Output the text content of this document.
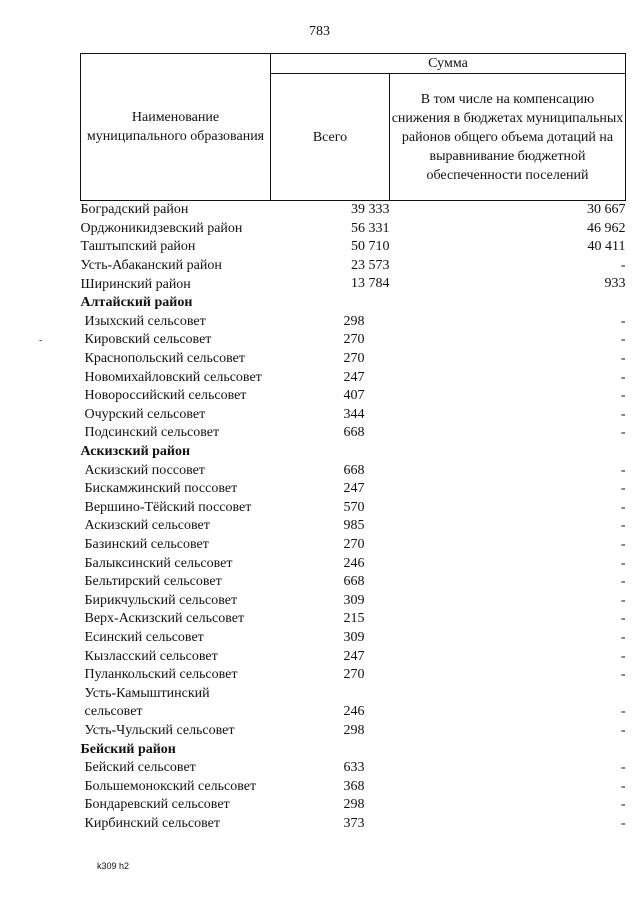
783
Наименование муниципального образования	Сумма	
	Всего	В том числе на компенсацию снижения в бюджетах муниципальных районов общего объема дотаций на выравнивание бюджетной обеспеченности поселений
Боградский район	39 333	30 667
Орджоникидзевский район	56 331	46 962
Таштыпский район	50 710	40 411
Усть-Абаканский район	23 573	-
Ширинский район	13 784	933
Алтайский район		
Изыхский сельсовет	298	-
Кировский сельсовет	270	-
Краснопольский сельсовет	270	-
Новомихайловский сельсовет	247	-
Новороссийский сельсовет	407	-
Очурский сельсовет	344	-
Подсинский сельсовет	668	-
Аскизский район		
Аскизский поссовет	668	-
Бискамжинский поссовет	247	-
Вершино-Тёйский поссовет	570	-
Аскизский сельсовет	985	-
Базинский сельсовет	270	-
Балыксинский сельсовет	246	-
Бельтирский сельсовет	668	-
Бирикчульский сельсовет	309	-
Верх-Аскизский сельсовет	215	-
Есинский сельсовет	309	-
Кызласский сельсовет	247	-
Пуланкольский сельсовет	270	-
Усть-Камыштинский		
сельсовет	246	-
Усть-Чульский сельсовет	298	-
Бейский район		
Бейский сельсовет	633	-
Большемонокский сельсовет	368	-
Бондаревский сельсовет	298	-
Кирбинский сельсовет	373	-
-
k309 h2
